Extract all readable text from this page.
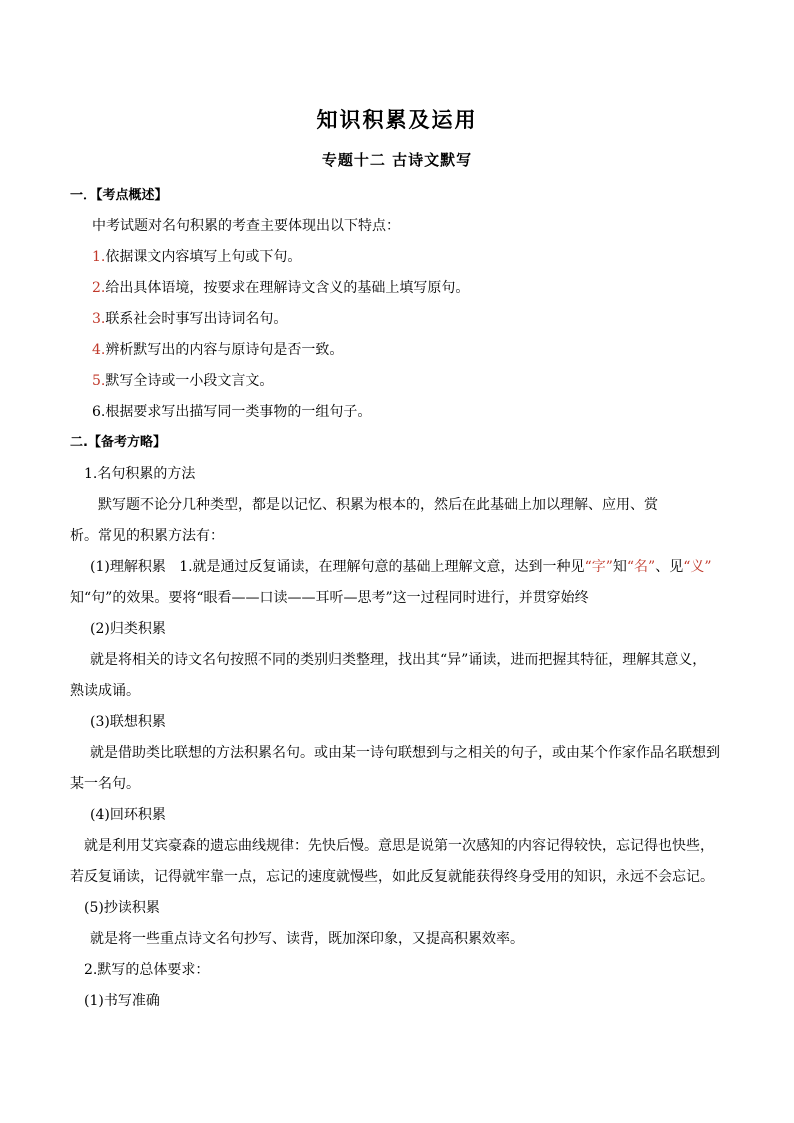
知识积累及运用
专题十二 古诗文默写
一．【考点概述】
中考试题对名句积累的考查主要体现出以下特点：
1.依据课文内容填写上句或下句。
2.给出具体语境，按要求在理解诗文含义的基础上填写原句。
3.联系社会时事写出诗词名句。
4.辨析默写出的内容与原诗句是否一致。
5.默写全诗或一小段文言文。
6.根据要求写出描写同一类事物的一组句子。
二.【备考方略】
1.名句积累的方法
默写题不论分几种类型，都是以记忆、积累为根本的，然后在此基础上加以理解、应用、赏
析。常见的积累方法有：
(1)理解积累 1.就是通过反复诵读，在理解句意的基础上理解文意，达到一种见“字”知“名”、见“义”
知“句”的效果。要将“眼看——口读——耳听—思考”这一过程同时进行，并贯穿始终
(2)归类积累
就是将相关的诗文名句按照不同的类别归类整理，找出其“异”诵读，进而把握其特征，理解其意义，
熟读成诵。
(3)联想积累
就是借助类比联想的方法积累名句。或由某一诗句联想到与之相关的句子，或由某个作家作品名联想到
某一名句。
(4)回环积累
就是利用艾宾豪森的遗忘曲线规律：先快后慢。意思是说第一次感知的内容记得较快，忘记得也快些，
若反复诵读，记得就牢靠一点，忘记的速度就慢些，如此反复就能获得终身受用的知识，永远不会忘记。
(5)抄读积累
就是将一些重点诗文名句抄写、读背，既加深印象，又提高积累效率。
2.默写的总体要求：
(1)书写准确
